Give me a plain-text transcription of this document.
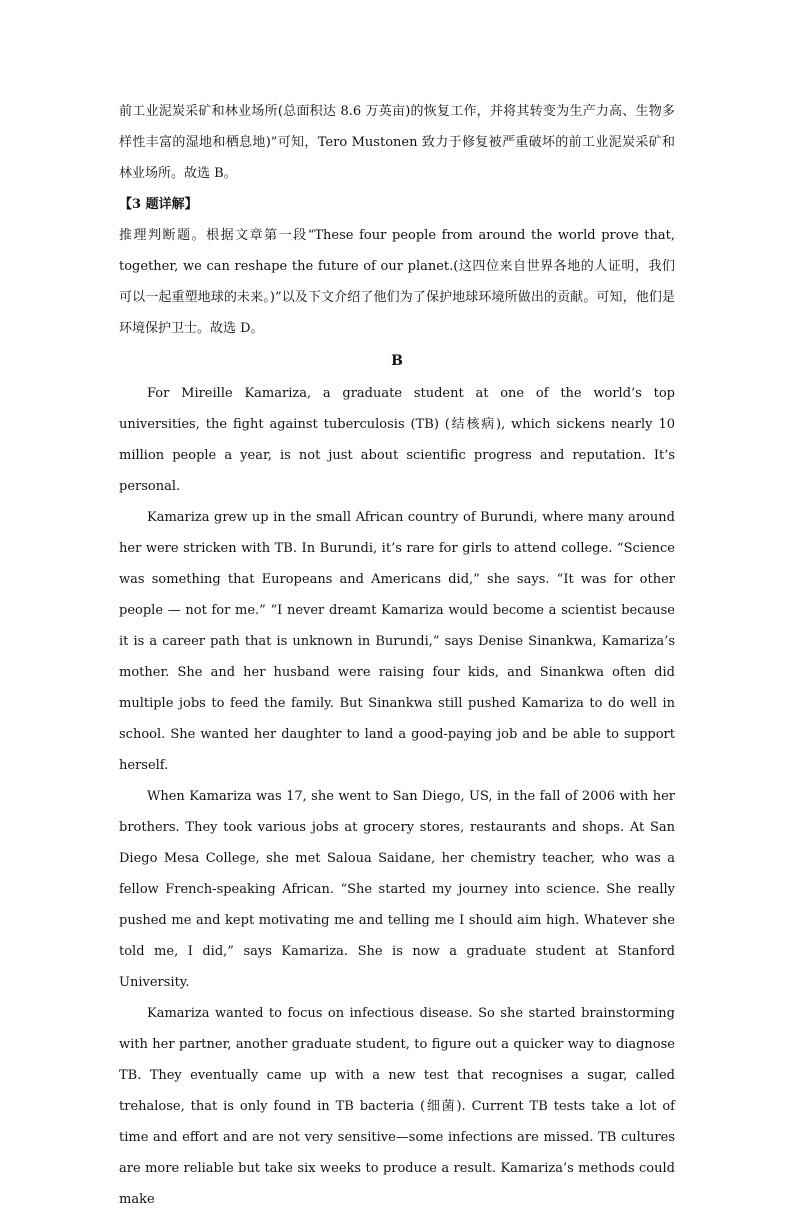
前工业泥炭采矿和林业场所(总面积达 8.6 万英亩)的恢复工作，并将其转变为生产力高、生物多样性丰富的湿地和栖息地)”可知，Tero Mustonen 致力于修复被严重破坏的前工业泥炭采矿和林业场所。故选 B。

【3 题详解】

推理判断题。根据文章第一段“These four people from around the world prove that, together, we can reshape the future of our planet.(这四位来自世界各地的人证明，我们可以一起重塑地球的未来。)”以及下文介绍了他们为了保护地球环境所做出的贡献。可知，他们是环境保护卫士。故选 D。

B

For Mireille Kamariza, a graduate student at one of the world’s top universities, the fight against tuberculosis (TB) (结核病), which sickens nearly 10 million people a year, is not just about scientific progress and reputation. It’s personal.

Kamariza grew up in the small African country of Burundi, where many around her were stricken with TB. In Burundi, it’s rare for girls to attend college. “Science was something that Europeans and Americans did,” she says. “It was for other people — not for me.” “I never dreamt Kamariza would become a scientist because it is a career path that is unknown in Burundi,” says Denise Sinankwa, Kamariza’s mother. She and her husband were raising four kids, and Sinankwa often did multiple jobs to feed the family. But Sinankwa still pushed Kamariza to do well in school. She wanted her daughter to land a good-paying job and be able to support herself.

When Kamariza was 17, she went to San Diego, US, in the fall of 2006 with her brothers. They took various jobs at grocery stores, restaurants and shops. At San Diego Mesa College, she met Saloua Saidane, her chemistry teacher, who was a fellow French-speaking African. “She started my journey into science. She really pushed me and kept motivating me and telling me I should aim high. Whatever she told me, I did,” says Kamariza. She is now a graduate student at Stanford University.

Kamariza wanted to focus on infectious disease. So she started brainstorming with her partner, another graduate student, to figure out a quicker way to diagnose TB. They eventually came up with a new test that recognises a sugar, called trehalose, that is only found in TB bacteria (细菌). Current TB tests take a lot of time and effort and are not very sensitive—some infections are missed. TB cultures are more reliable but take six weeks to produce a result. Kamariza’s methods could make
